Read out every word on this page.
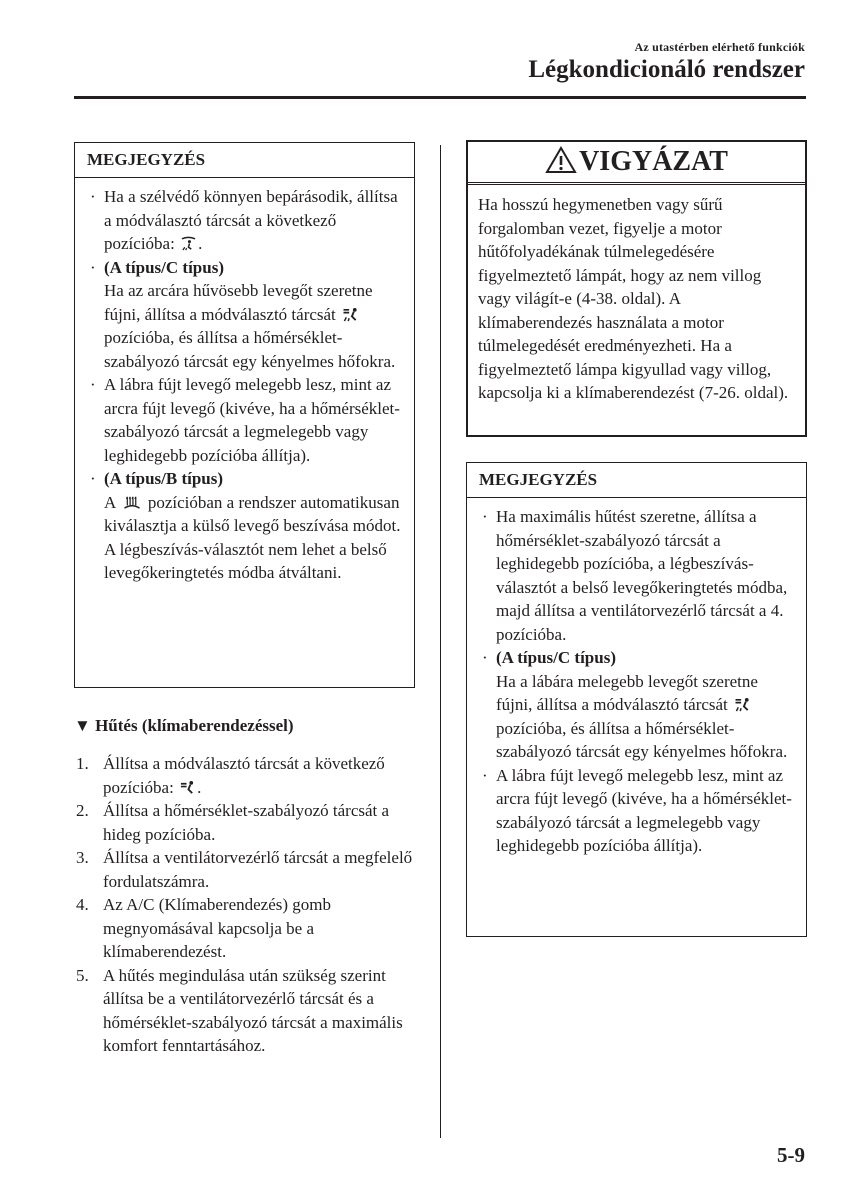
Az utastérben elérhető funkciók
Légkondicionáló rendszer
MEGJEGYZÉS
· Ha a szélvédő könnyen bepárásodik, állítsa a módválasztó tárcsát a következő pozícióba: .
· (A típus/C típus)
Ha az arcára hűvösebb levegőt szeretne fújni, állítsa a módválasztó tárcsát  pozícióba, és állítsa a hőmérséklet-szabályozó tárcsát egy kényelmes hőfokra.
· A lábra fújt levegő melegebb lesz, mint az arcra fújt levegő (kivéve, ha a hőmérséklet-szabályozó tárcsát a legmelegebb vagy leghidegebb pozícióba állítja).
· (A típus/B típus)
A pozícióban a rendszer automatikusan kiválasztja a külső levegő beszívása módot. A légbeszívás-választót nem lehet a belső levegőkeringtetés módba átváltani.
▼ Hűtés (klímaberendezéssel)
1. Állítsa a módválasztó tárcsát a következő pozícióba: .
2. Állítsa a hőmérséklet-szabályozó tárcsát a hideg pozícióba.
3. Állítsa a ventilátorvezérlő tárcsát a megfelelő fordulatszámra.
4. Az A/C (Klímaberendezés) gomb megnyomásával kapcsolja be a klímaberendezést.
5. A hűtés megindulása után szükség szerint állítsa be a ventilátorvezérlő tárcsát és a hőmérséklet-szabályozó tárcsát a maximális komfort fenntartásához.
VIGYÁZAT
Ha hosszú hegymenetben vagy sűrű forgalomban vezet, figyelje a motor hűtőfolyadékának túlmelegedésére figyelmeztető lámpát, hogy az nem villog vagy világít-e (4-38. oldal). A klímaberendezés használata a motor túlmelegedését eredményezheti. Ha a figyelmeztető lámpa kigyullad vagy villog, kapcsolja ki a klímaberendezést (7-26. oldal).
MEGJEGYZÉS
· Ha maximális hűtést szeretne, állítsa a hőmérséklet-szabályozó tárcsát a leghidegebb pozícióba, a légbeszívás-választót a belső levegőkeringtetés módba, majd állítsa a ventilátorvezérlő tárcsát a 4. pozícióba.
· (A típus/C típus)
Ha a lábára melegebb levegőt szeretne fújni, állítsa a módválasztó tárcsát  pozícióba, és állítsa a hőmérséklet-szabályozó tárcsát egy kényelmes hőfokra.
· A lábra fújt levegő melegebb lesz, mint az arcra fújt levegő (kivéve, ha a hőmérséklet-szabályozó tárcsát a legmelegebb vagy leghidegebb pozícióba állítja).
5-9
